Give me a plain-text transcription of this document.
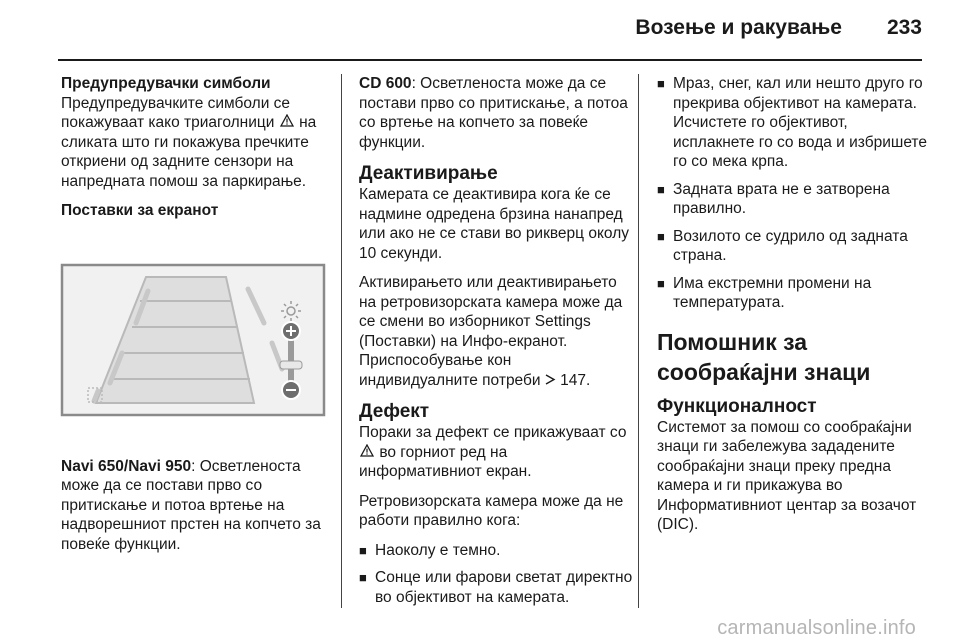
Возење и ракување 233
Предупредувачки симболи

Предупредувачките симболи се покажуваат како триаголници на сликата што ги покажува пречките откриени од задните сензори на напредната помош за паркирање.

Поставки за екранот

Navi 650/Navi 950: Осветленоста може да се постави прво со притискање и потоа вртење на надворешниот прстен на копчето за повеќе функции.

CD 600: Осветленоста може да се постави прво со притискање, а потоа со вртење на копчето за повеќе функции.

Деактивирање

Камерата се деактивира кога ќе се надмине одредена брзина нанапред или ако не се стави во рикверц околу 10 секунди.

Активирањето или деактивирањето на ретровизорската камера може да се смени во изборникот Settings (Поставки) на Инфо-екранот. Приспособување кон индивидуалните потреби 147.

Дефект

Пораки за дефект се прикажуваат со  во горниот ред на информативниот екран.

Ретровизорската камера може да не работи правилно кога:

■ Наоколу е темно.
■ Сонце или фарови светат директно во објективот на камерата.
■ Мраз, снег, кал или нешто друго го прекрива објективот на камерата. Исчистете го објективот, исплакнете го со вода и избришете го со мека крпа.
■ Задната врата не е затворена правилно.
■ Возилото се судрило од задната страна.
■ Има екстремни промени на температурата.
Помошник за сообраќајни знаци
Функционалност

Системот за помош со сообраќајни знаци ги забележува зададените сообраќајни знаци преку предна камера и ги прикажува во Информативниот центар за возачот (DIC).

carmanualsonline.info
